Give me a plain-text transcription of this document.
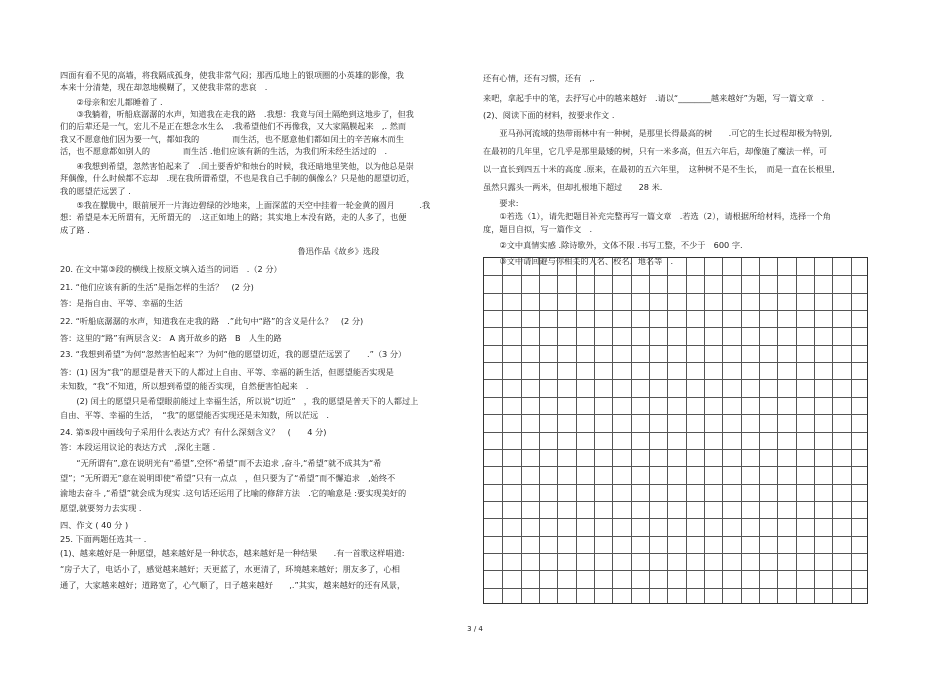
四面有看不见的高墙，将我隔成孤身，使我非常气闷；那西瓜地上的银项圈的小英雄的影像，我
本来十分清楚，现在却忽地模糊了，又使我非常的悲哀　.
　　②母亲和宏儿都睡着了 .
　　③我躺着，听船底潺潺的水声，知道我在走我的路　.我想：我竟与闰土隔绝到这地步了，但我
们的后辈还是一气，宏儿不是正在想念水生么　.我希望他们不再像我，又大家隔膜起来　,. 然而
我又不愿意他们因为要一气，都如我的　　　　而生活，也不愿意他们都如闰土的辛苦麻木而生
活，也不愿意都如别人的　　　　而生活 .他们应该有新的生活，为我们所未经生活过的　.
　　④我想到希望，忽然害怕起来了　.闰土要香炉和烛台的时候，我还暗地里笑他，以为他总是崇
拜偶像，什么时候都不忘却　.现在我所谓希望，不也是我自己手制的偶像么？只是他的愿望切近，
我的愿望茫远罢了 .
　　⑤我在朦胧中，眼前展开一片海边碧绿的沙地来，上面深蓝的天空中挂着一轮金黄的圆月　　　.我
想：希望是本无所谓有，无所谓无的　.这正如地上的路；其实地上本没有路，走的人多了，也便
成了路 .
　　　　　　　　　　　　　　　　　　　　　　　　　　　　　鲁迅作品《故乡》选段
20. 在文中第③段的横线上按原文填入适当的词语　.（2 分）
21. “他们应该有新的生活”是指怎样的生活？　(2 分)
答：是指自由、平等、幸福的生活
22. “听船底潺潺的水声，知道我在走我的路　.”此句中“路”的含义是什么？　(2 分)
答：这里的“路”有两层含义:　A 离开故乡的路　B　人生的路
23. “我想到希望”为何“忽然害怕起来”？为何“他的愿望切近，我的愿望茫远罢了　　.”（3 分）
答：(1) 因为“我”的愿望是普天下的人都过上自由、平等、幸福的新生活，但愿望能否实现是
未知数，“我”不知道，所以想到希望的能否实现，自然便害怕起来　.
　　(2) 闰土的愿望只是希望眼前能过上幸福生活，所以说“切近”　，我的愿望是普天下的人都过上
自由、平等、幸福的生活，　“我”的愿望能否实现还是未知数，所以茫远　.
24. 第⑤段中画线句子采用什么表达方式？有什么深刻含义？　(　　4 分)
答：本段运用议论的表达方式　,深化主题 .
　　“无所谓有”,意在说明光有“希望”,空怀“希望”而不去追求 ,奋斗,“希望”就不成其为“希
望”；“无所谓无”意在说明即使“希望”只有一点点　，但只要为了“希望”而不懈追求　,始终不
渝地去奋斗 ,“希望”就会成为现实 .这句话还运用了比喻的修辞方法　.它的喻意是 :要实现美好的
愿望,就要努力去实现 .
四、作文 ( 40 分 )
25. 下面两题任选其一 .
(1)、越来越好是一种愿望，越来越好是一种状态，越来越好是一种结果　　.有一首歌这样唱道:
“房子大了，电话小了，感觉越来越好；天更蓝了，水更清了，环境越来越好；朋友多了，心相
通了，大家越来越好；道路宽了，心气顺了，日子越来越好　　,.”其实，越来越好的还有风景，
还有心情，还有习惯，还有　,.
来吧，拿起手中的笔，去抒写心中的越来越好　.请以“________越来越好”为题，写一篇文章　.
(2)、阅读下面的材料，按要求作文 .
　　亚马孙河流域的热带雨林中有一种树，是那里长得最高的树　　.可它的生长过程却极为特别,
在最初的几年里，它几乎是那里最矮的树，只有一米多高，但五六年后，却像施了魔法一样，可
以一直长到四五十米的高度 .原来，在最初的五六年里，　这种树不是不生长，　而是一直在长根里,
虽然只露头一两米，但却扎根地下超过　　28 米.
　　要求:
　　①若选（1），请先把题目补充完整再写一篇文章　.若选（2），请根据所给材料，选择一个角
度，题目自拟，写一篇作文　.
　　②文中真情实感 .除诗歌外，文体不限 .书写工整，不少于　600 字.
　　③文中请回避与你相关的人名、校名、地名等　.
3 / 4
